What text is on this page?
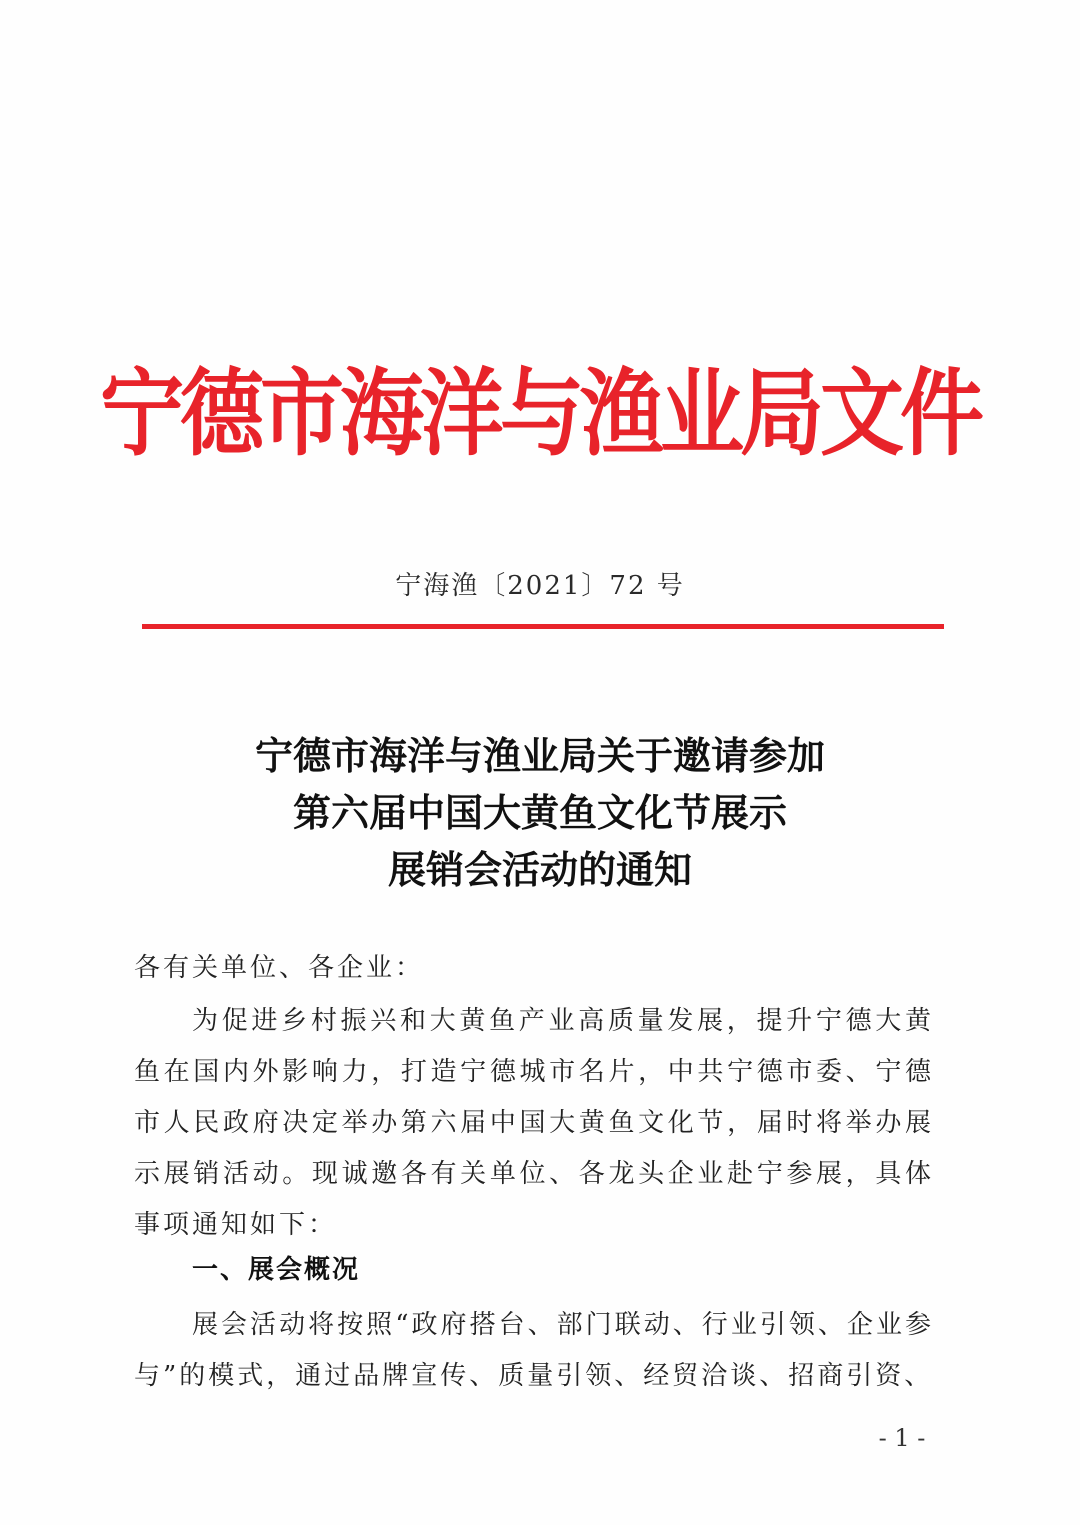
宁德市海洋与渔业局文件
宁海渔〔2021〕72 号
宁德市海洋与渔业局关于邀请参加
第六届中国大黄鱼文化节展示
展销会活动的通知
各有关单位、各企业：
为促进乡村振兴和大黄鱼产业高质量发展，提升宁德大黄鱼在国内外影响力，打造宁德城市名片，中共宁德市委、宁德市人民政府决定举办第六届中国大黄鱼文化节，届时将举办展示展销活动。现诚邀各有关单位、各龙头企业赴宁参展，具体事项通知如下：
一、展会概况
展会活动将按照“政府搭台、部门联动、行业引领、企业参与”的模式，通过品牌宣传、质量引领、经贸洽谈、招商引资、
- 1 -
